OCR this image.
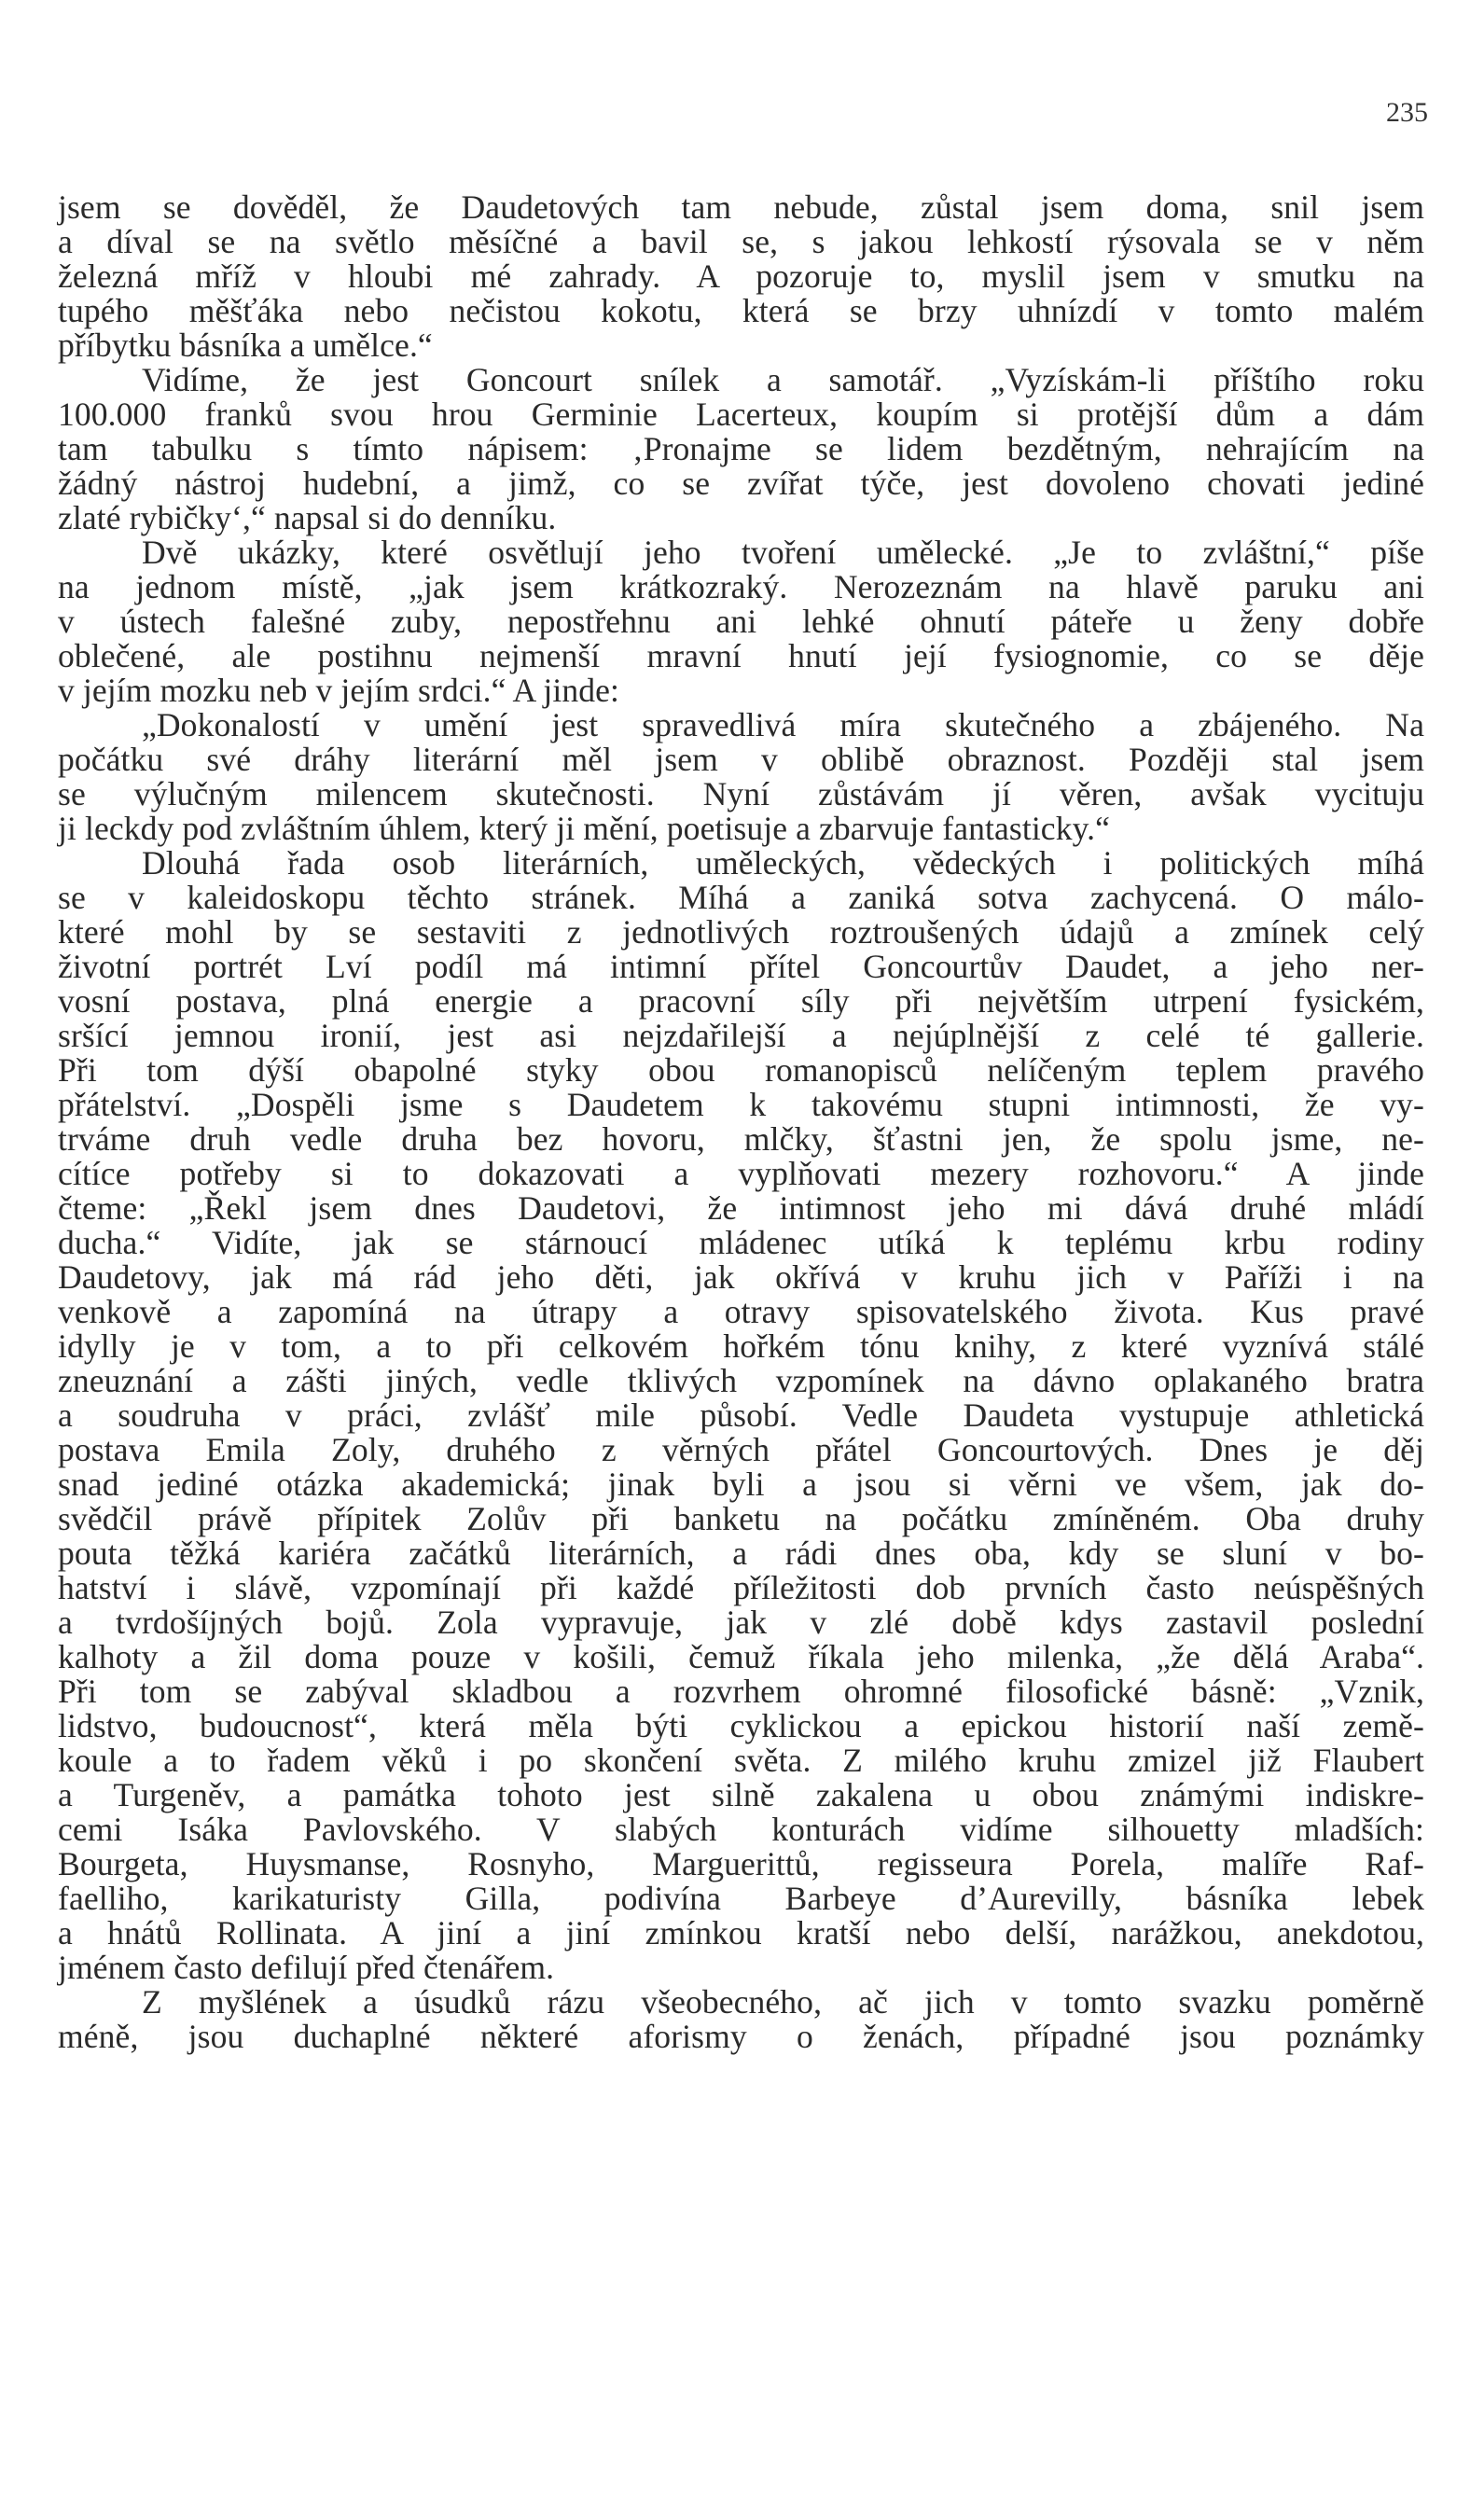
235
jsem se dověděl, že Daudetových tam nebude, zůstal jsem doma, snil jsem
a díval se na světlo měsíčné a bavil se, s jakou lehkostí rýsovala se v něm
železná mříž v hloubi mé zahrady. A pozoruje to, myslil jsem v smutku na
tupého měšťáka nebo nečistou kokotu, která se brzy uhnízdí v tomto malém
příbytku básníka a umělce.“
Vidíme, že jest Goncourt snílek a samotář. „Vyzískám-li příštího roku
100.000 franků svou hrou Germinie Lacerteux, koupím si protější dům a dám
tam tabulku s tímto nápisem: ‚Pronajme se lidem bezdětným, nehrajícím na
žádný nástroj hudební, a jimž, co se zvířat týče, jest dovoleno chovati jediné
zlaté rybičky‘,“ napsal si do denníku.
Dvě ukázky, které osvětlují jeho tvoření umělecké. „Je to zvláštní,“ píše
na jednom místě, „jak jsem krátkozraký. Nerozeznám na hlavě paruku ani
v ústech falešné zuby, nepostřehnu ani lehké ohnutí páteře u ženy dobře
oblečené, ale postihnu nejmenší mravní hnutí její fysiognomie, co se děje
v jejím mozku neb v jejím srdci.“ A jinde:
„Dokonalostí v umění jest spravedlivá míra skutečného a zbájeného. Na
počátku své dráhy literární měl jsem v oblibě obraznost. Později stal jsem
se výlučným milencem skutečnosti. Nyní zůstávám jí věren, avšak vycituju
ji leckdy pod zvláštním úhlem, který ji mění, poetisuje a zbarvuje fantasticky.“
Dlouhá řada osob literárních, uměleckých, vědeckých i politických míhá
se v kaleidoskopu těchto stránek. Míhá a zaniká sotva zachycená. O málo-
které mohl by se sestaviti z jednotlivých roztroušených údajů a zmínek celý
životní portrét Lví podíl má intimní přítel Goncourtův Daudet, a jeho ner-
vosní postava, plná energie a pracovní síly při největším utrpení fysickém,
sršící jemnou ironií, jest asi nejzdařilejší a nejúplnější z celé té gallerie.
Při tom dýší obapolné styky obou romanopisců nelíčeným teplem pravého
přátelství. „Dospěli jsme s Daudetem k takovému stupni intimnosti, že vy-
trváme druh vedle druha bez hovoru, mlčky, šťastni jen, že spolu jsme, ne-
cítíce potřeby si to dokazovati a vyplňovati mezery rozhovoru.“ A jinde
čteme: „Řekl jsem dnes Daudetovi, že intimnost jeho mi dává druhé mládí
ducha.“ Vidíte, jak se stárnoucí mládenec utíká k teplému krbu rodiny
Daudetovy, jak má rád jeho děti, jak okřívá v kruhu jich v Paříži i na
venkově a zapomíná na útrapy a otravy spisovatelského života. Kus pravé
idylly je v tom, a to při celkovém hořkém tónu knihy, z které vyznívá stálé
zneuznání a zášti jiných, vedle tklivých vzpomínek na dávno oplakaného bratra
a soudruha v práci, zvlášť mile působí. Vedle Daudeta vystupuje athletická
postava Emila Zoly, druhého z věrných přátel Goncourtových. Dnes je děj
snad jediné otázka akademická; jinak byli a jsou si věrni ve všem, jak do-
svědčil právě přípitek Zolův při banketu na počátku zmíněném. Oba druhy
pouta těžká kariéra začátků literárních, a rádi dnes oba, kdy se sluní v bo-
hatství i slávě, vzpomínají při každé příležitosti dob prvních často neúspěšných
a tvrdošíjných bojů. Zola vypravuje, jak v zlé době kdys zastavil poslední
kalhoty a žil doma pouze v košili, čemuž říkala jeho milenka, „že dělá Araba“.
Při tom se zabýval skladbou a rozvrhem ohromné filosofické básně: „Vznik,
lidstvo, budoucnost“, která měla býti cyklickou a epickou historií naší země-
koule a to řadem věků i po skončení světa. Z milého kruhu zmizel již Flaubert
a Turgeněv, a památka tohoto jest silně zakalena u obou známými indiskre-
cemi Isáka Pavlovského. V slabých konturách vidíme silhouetty mladších:
Bourgeta, Huysmanse, Rosnyho, Marguerittů, regisseura Porela, malíře Raf-
faelliho, karikaturisty Gilla, podivína Barbeye d’Aurevilly, básníka lebek
a hnátů Rollinata. A jiní a jiní zmínkou kratší nebo delší, narážkou, anekdotou,
jménem často defilují před čtenářem.
Z myšlének a úsudků rázu všeobecného, ač jich v tomto svazku poměrně
méně, jsou duchaplné některé aforismy o ženách, případné jsou poznámky
